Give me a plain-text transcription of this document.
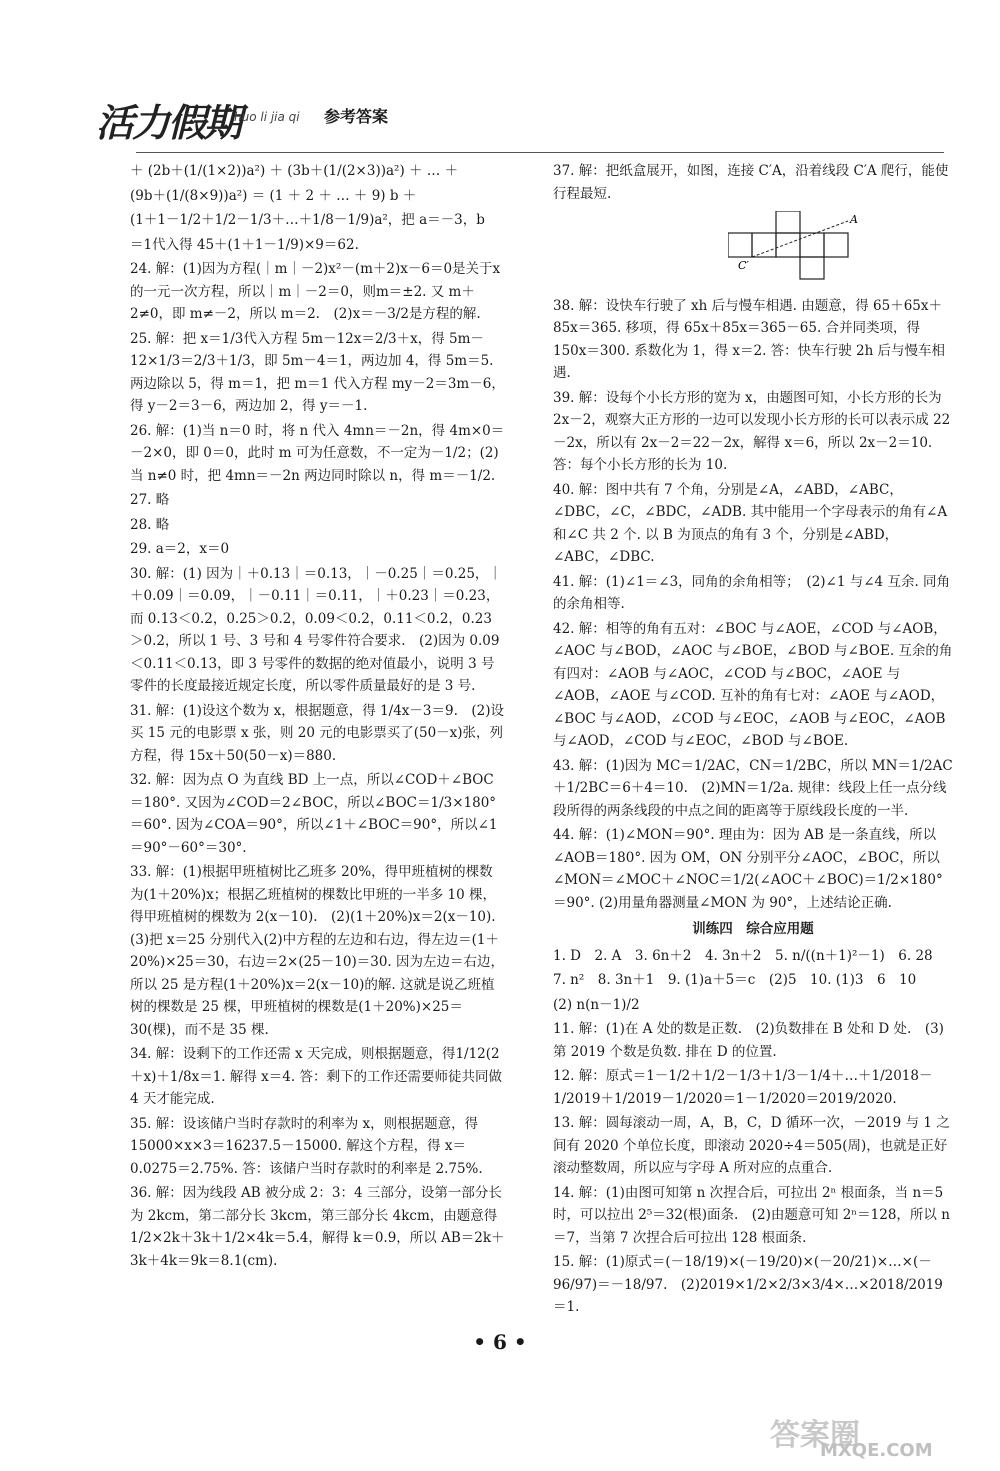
活力假期
huo li jia qi 参考答案
＋ (2b＋(1/(1×2))a²) ＋ (3b＋(1/(2×3))a²) ＋ … ＋
(9b＋(1/(8×9))a²) ＝ (1 ＋ 2 ＋ … ＋ 9) b ＋
(1＋1－1/2＋1/2－1/3＋…＋1/8－1/9)a²，把 a＝－3，b
＝1代入得 45＋(1＋1－1/9)×9＝62.
24. 解：(1)因为方程(｜m｜－2)x²－(m＋2)x－6＝0是关于x的一元一次方程，所以｜m｜－2＝0，则m＝±2. 又 m＋2≠0，即 m≠－2，所以 m＝2.　(2)x＝－3/2是方程的解.
25. 解：把 x＝1/3代入方程 5m－12x＝2/3＋x，得 5m－12×1/3＝2/3＋1/3，即 5m－4＝1，两边加 4，得 5m＝5. 两边除以 5，得 m＝1，把 m＝1 代入方程 my－2＝3m－6，得 y－2＝3－6，两边加 2，得 y＝－1.
26. 解：(1)当 n＝0 时，将 n 代入 4mn＝－2n，得 4m×0＝－2×0，即 0＝0，此时 m 可为任意数，不一定为－1/2；(2)当 n≠0 时，把 4mn＝－2n 两边同时除以 n，得 m＝－1/2.
27. 略
28. 略
29. a＝2，x＝0
30. 解：(1) 因为｜＋0.13｜＝0.13，｜－0.25｜＝0.25，｜＋0.09｜＝0.09，｜－0.11｜＝0.11，｜＋0.23｜＝0.23，而 0.13＜0.2，0.25＞0.2，0.09＜0.2，0.11＜0.2，0.23＞0.2，所以 1 号、3 号和 4 号零件符合要求.　(2)因为 0.09＜0.11＜0.13，即 3 号零件的数据的绝对值最小，说明 3 号零件的长度最接近规定长度，所以零件质量最好的是 3 号.
31. 解：(1)设这个数为 x，根据题意，得 1/4x－3＝9.　(2)设买 15 元的电影票 x 张，则 20 元的电影票买了(50－x)张，列方程，得 15x＋50(50－x)＝880.
32. 解：因为点 O 为直线 BD 上一点，所以∠COD＋∠BOC＝180°. 又因为∠COD＝2∠BOC，所以∠BOC＝1/3×180°＝60°. 因为∠COA＝90°，所以∠1＋∠BOC＝90°，所以∠1＝90°－60°＝30°.
33. 解：(1)根据甲班植树比乙班多 20%，得甲班植树的棵数为(1＋20%)x；根据乙班植树的棵数比甲班的一半多 10 棵，得甲班植树的棵数为 2(x－10).　(2)(1＋20%)x＝2(x－10).　(3)把 x＝25 分别代入(2)中方程的左边和右边，得左边＝(1＋20%)×25＝30，右边＝2×(25－10)＝30. 因为左边＝右边，所以 25 是方程(1＋20%)x＝2(x－10)的解. 这就是说乙班植树的棵数是 25 棵，甲班植树的棵数是(1＋20%)×25＝30(棵)，而不是 35 棵.
34. 解：设剩下的工作还需 x 天完成，则根据题意，得1/12(2＋x)＋1/8x＝1. 解得 x＝4. 答：剩下的工作还需要师徒共同做 4 天才能完成.
35. 解：设该储户当时存款时的利率为 x，则根据题意，得 15000×x×3＝16237.5－15000. 解这个方程，得 x＝0.0275＝2.75%. 答：该储户当时存款时的利率是 2.75%.
36. 解：因为线段 AB 被分成 2：3：4 三部分，设第一部分长为 2kcm，第二部分长 3kcm，第三部分长 4kcm，由题意得 1/2×2k＋3k＋1/2×4k＝5.4，解得 k＝0.9，所以 AB＝2k＋3k＋4k＝9k＝8.1(cm).
37. 解：把纸盒展开，如图，连接 C′A，沿着线段 C′A 爬行，能使行程最短.
A
C′
38. 解：设快车行驶了 xh 后与慢车相遇. 由题意，得 65＋65x＋85x＝365. 移项，得 65x＋85x＝365－65. 合并同类项，得 150x＝300. 系数化为 1，得 x＝2. 答：快车行驶 2h 后与慢车相遇.
39. 解：设每个小长方形的宽为 x，由题图可知，小长方形的长为 2x－2，观察大正方形的一边可以发现小长方形的长可以表示成 22－2x，所以有 2x－2＝22－2x，解得 x＝6，所以 2x－2＝10. 答：每个小长方形的长为 10.
40. 解：图中共有 7 个角，分别是∠A，∠ABD，∠ABC，∠DBC，∠C，∠BDC，∠ADB. 其中能用一个字母表示的角有∠A 和∠C 共 2 个. 以 B 为顶点的角有 3 个，分别是∠ABD，∠ABC，∠DBC.
41. 解：(1)∠1＝∠3，同角的余角相等；　(2)∠1 与∠4 互余. 同角的余角相等.
42. 解：相等的角有五对：∠BOC 与∠AOE，∠COD 与∠AOB，∠AOC 与∠BOD，∠AOC 与∠BOE，∠BOD 与∠BOE. 互余的角有四对：∠AOB 与∠AOC，∠COD 与∠BOC，∠AOE 与∠AOB，∠AOE 与∠COD. 互补的角有七对：∠AOE 与∠AOD，∠BOC 与∠AOD，∠COD 与∠EOC，∠AOB 与∠EOC，∠AOB 与∠AOD，∠COD 与∠EOC，∠BOD 与∠BOE.
43. 解：(1)因为 MC＝1/2AC，CN＝1/2BC，所以 MN＝1/2AC＋1/2BC＝6＋4＝10.　(2)MN＝1/2a. 规律：线段上任一点分线段所得的两条线段的中点之间的距离等于原线段长度的一半.
44. 解：(1)∠MON＝90°. 理由为：因为 AB 是一条直线，所以∠AOB＝180°. 因为 OM，ON 分别平分∠AOC，∠BOC，所以∠MON＝∠MOC＋∠NOC＝1/2(∠AOC＋∠BOC)＝1/2×180°＝90°. (2)用量角器测量∠MON 为 90°，上述结论正确.
训练四　综合应用题
1. D　2. A　3. 6n＋2　4. 3n＋2　5. n/((n＋1)²－1)　6. 28
7. n²　8. 3n＋1　9. (1)a＋5＝c　(2)5　10. (1)3　6　10
(2) n(n－1)/2
11. 解：(1)在 A 处的数是正数.　(2)负数排在 B 处和 D 处.　(3)第 2019 个数是负数. 排在 D 的位置.
12. 解：原式＝1－1/2＋1/2－1/3＋1/3－1/4＋…＋1/2018－1/2019＋1/2019－1/2020＝1－1/2020＝2019/2020.
13. 解：圆每滚动一周，A，B，C，D 循环一次，－2019 与 1 之间有 2020 个单位长度，即滚动 2020÷4＝505(周)，也就是正好滚动整数周，所以应与字母 A 所对应的点重合.
14. 解：(1)由图可知第 n 次捏合后，可拉出 2ⁿ 根面条，当 n＝5 时，可以拉出 2⁵＝32(根)面条.　(2)由题意可知 2ⁿ＝128，所以 n＝7，当第 7 次捏合后可拉出 128 根面条.
15. 解：(1)原式＝(－18/19)×(－19/20)×(－20/21)×…×(－96/97)＝－18/97.　(2)2019×1/2×2/3×3/4×…×2018/2019＝1.
• 6 •
答案圈
MXQE.COM
